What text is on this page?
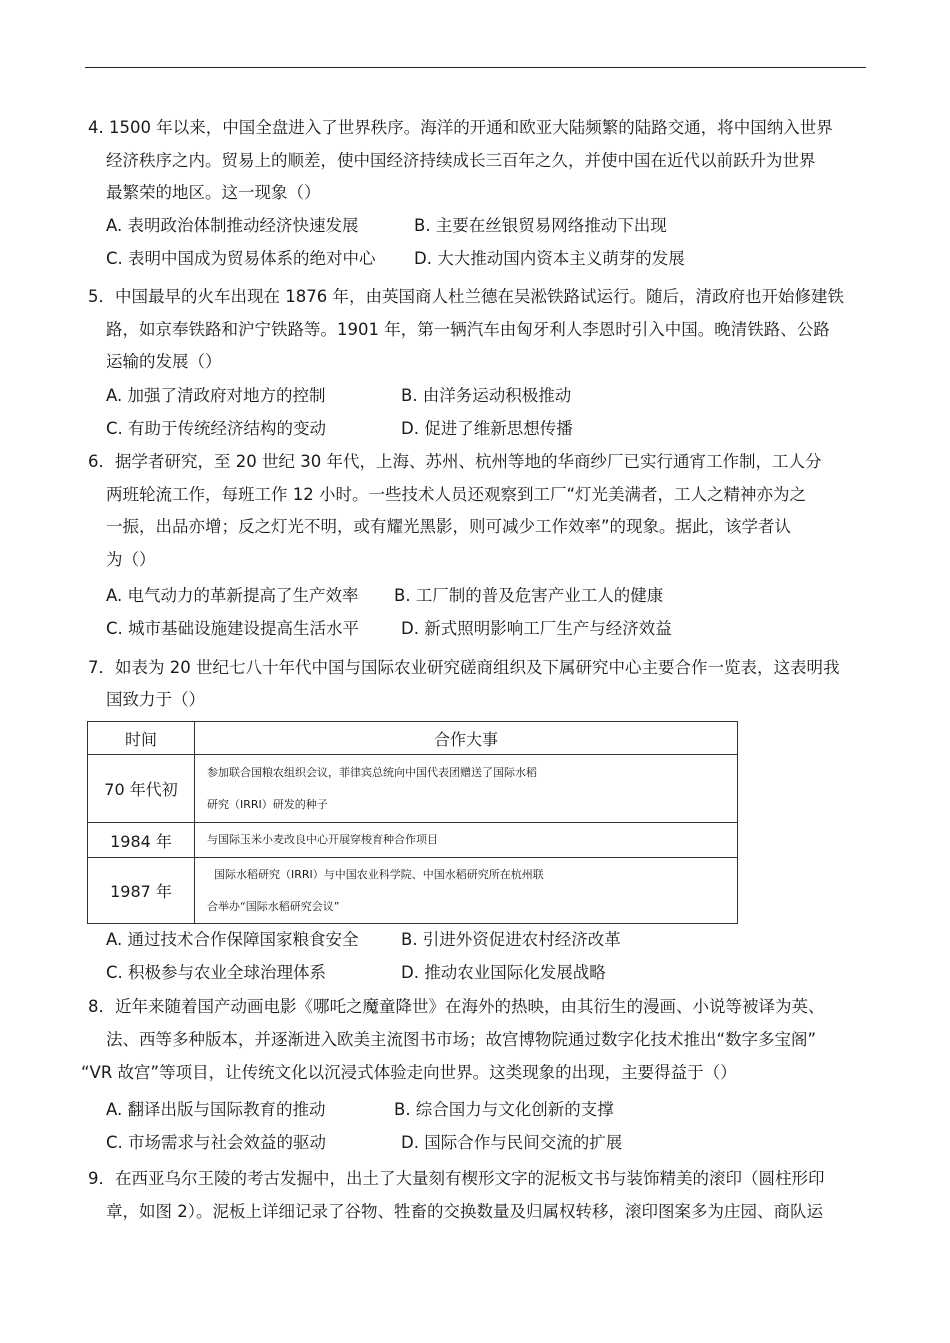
4. 1500 年以来，中国全盘进入了世界秩序。海洋的开通和欧亚大陆频繁的陆路交通，将中国纳入世界
经济秩序之内。贸易上的顺差，使中国经济持续成长三百年之久，并使中国在近代以前跃升为世界
最繁荣的地区。这一现象（）
A. 表明政治体制推动经济快速发展	B. 主要在丝银贸易网络推动下出现
C. 表明中国成为贸易体系的绝对中心 D. 大大推动国内资本主义萌芽的发展
5．中国最早的火车出现在 1876 年，由英国商人杜兰德在吴淞铁路试运行。随后，清政府也开始修建铁
路，如京奉铁路和沪宁铁路等。1901 年，第一辆汽车由匈牙利人李恩时引入中国。晚清铁路、公路
运输的发展（）
A. 加强了清政府对地方的控制	B. 由洋务运动积极推动
C. 有助于传统经济结构的变动	D. 促进了维新思想传播
6．据学者研究，至 20 世纪 30 年代，上海、苏州、杭州等地的华商纱厂已实行通宵工作制，工人分
两班轮流工作，每班工作 12 小时。一些技术人员还观察到工厂“灯光美满者，工人之精神亦为之
一振，出品亦增；反之灯光不明，或有耀光黑影，则可减少工作效率”的现象。据此，该学者认
为（）
A. 电气动力的革新提高了生产效率 B. 工厂制的普及危害产业工人的健康
C. 城市基础设施建设提高生活水平	D. 新式照明影响工厂生产与经济效益
7．如表为 20 世纪七八十年代中国与国际农业研究磋商组织及下属研究中心主要合作一览表，这表明我
国致力于（）
时间	合作大事
70 年代初	参加联合国粮农组织会议，菲律宾总统向中国代表团赠送了国际水稻
研究（IRRI）研发的种子

1984 年	与国际玉米小麦改良中心开展穿梭育种合作项目

1987 年	国际水稻研究（IRRI）与中国农业科学院、中国水稻研究所在杭州联
合举办“国际水稻研究会议”
A. 通过技术合作保障国家粮食安全	B. 引进外资促进农村经济改革
C. 积极参与农业全球治理体系	D. 推动农业国际化发展战略
8．近年来随着国产动画电影《哪吒之魔童降世》在海外的热映，由其衍生的漫画、小说等被译为英、
法、西等多种版本，并逐渐进入欧美主流图书市场；故宫博物院通过数字化技术推出“数字多宝阁”
“VR 故宫”等项目，让传统文化以沉浸式体验走向世界。这类现象的出现，主要得益于（）
A. 翻译出版与国际教育的推动	B. 综合国力与文化创新的支撑
C. 市场需求与社会效益的驱动	D. 国际合作与民间交流的扩展
9．在西亚乌尔王陵的考古发掘中，出土了大量刻有楔形文字的泥板文书与装饰精美的滚印（圆柱形印
章，如图 2）。泥板上详细记录了谷物、牲畜的交换数量及归属权转移，滚印图案多为庄园、商队运
